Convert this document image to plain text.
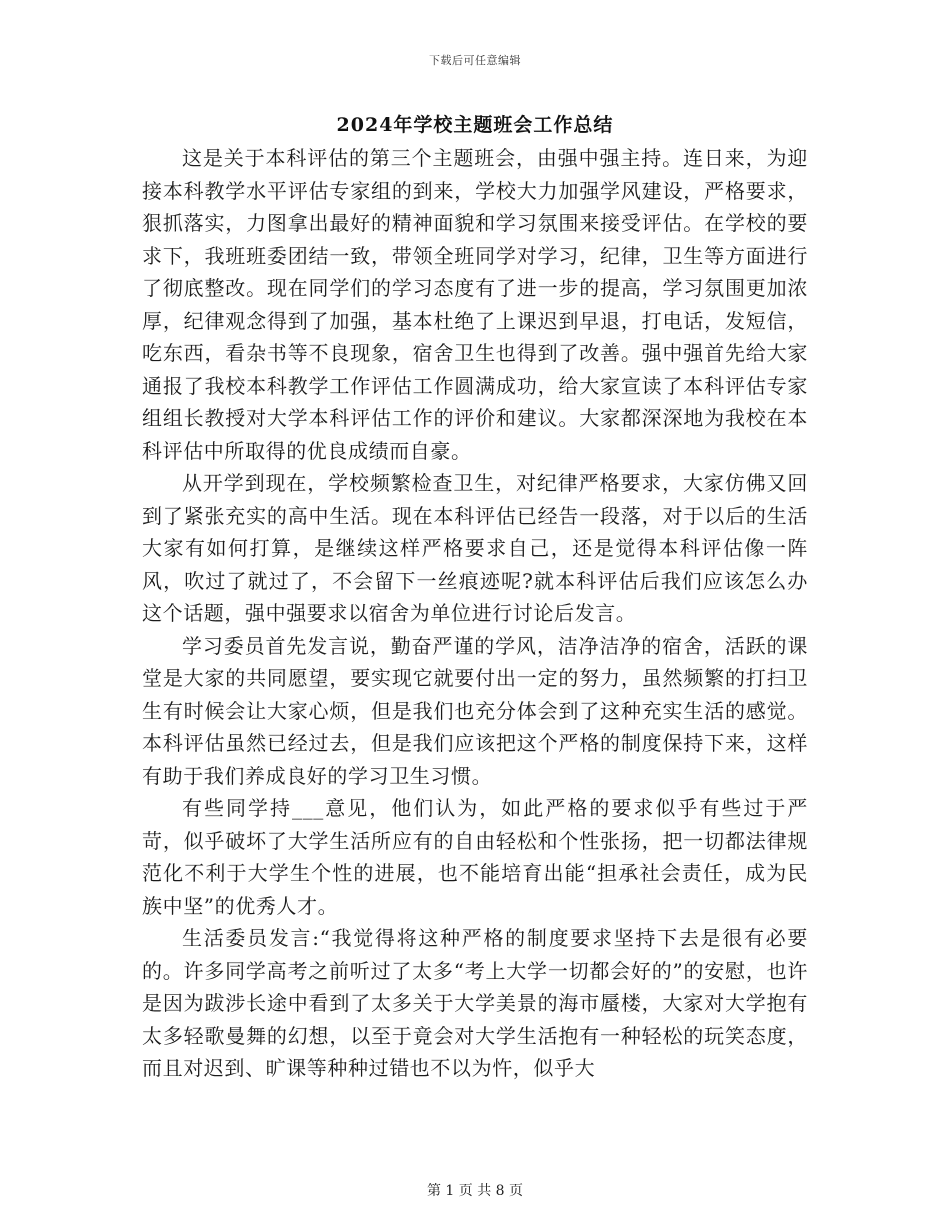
下载后可任意编辑
2024年学校主题班会工作总结

这是关于本科评估的第三个主题班会，由强中强主持。连日来，为迎接本科教学水平评估专家组的到来，学校大力加强学风建设，严格要求，狠抓落实，力图拿出最好的精神面貌和学习氛围来接受评估。在学校的要求下，我班班委团结一致，带领全班同学对学习，纪律，卫生等方面进行了彻底整改。现在同学们的学习态度有了进一步的提高，学习氛围更加浓厚，纪律观念得到了加强，基本杜绝了上课迟到早退，打电话，发短信，吃东西，看杂书等不良现象，宿舍卫生也得到了改善。强中强首先给大家通报了我校本科教学工作评估工作圆满成功，给大家宣读了本科评估专家组组长教授对大学本科评估工作的评价和建议。大家都深深地为我校在本科评估中所取得的优良成绩而自豪。

从开学到现在，学校频繁检查卫生，对纪律严格要求，大家仿佛又回到了紧张充实的高中生活。现在本科评估已经告一段落，对于以后的生活大家有如何打算，是继续这样严格要求自己，还是觉得本科评估像一阵风，吹过了就过了，不会留下一丝痕迹呢?就本科评估后我们应该怎么办这个话题，强中强要求以宿舍为单位进行讨论后发言。

学习委员首先发言说，勤奋严谨的学风，洁净洁净的宿舍，活跃的课堂是大家的共同愿望，要实现它就要付出一定的努力，虽然频繁的打扫卫生有时候会让大家心烦，但是我们也充分体会到了这种充实生活的感觉。本科评估虽然已经过去，但是我们应该把这个严格的制度保持下来，这样有助于我们养成良好的学习卫生习惯。

有些同学持___意见，他们认为，如此严格的要求似乎有些过于严苛，似乎破坏了大学生活所应有的自由轻松和个性张扬，把一切都法律规范化不利于大学生个性的进展，也不能培育出能“担承社会责任，成为民族中坚”的优秀人才。

生活委员发言:“我觉得将这种严格的制度要求坚持下去是很有必要的。许多同学高考之前听过了太多“考上大学一切都会好的”的安慰，也许是因为跋涉长途中看到了太多关于大学美景的海市蜃楼，大家对大学抱有太多轻歌曼舞的幻想，以至于竟会对大学生活抱有一种轻松的玩笑态度，而且对迟到、旷课等种种过错也不以为忤，似乎大

第 1 页 共 8 页
